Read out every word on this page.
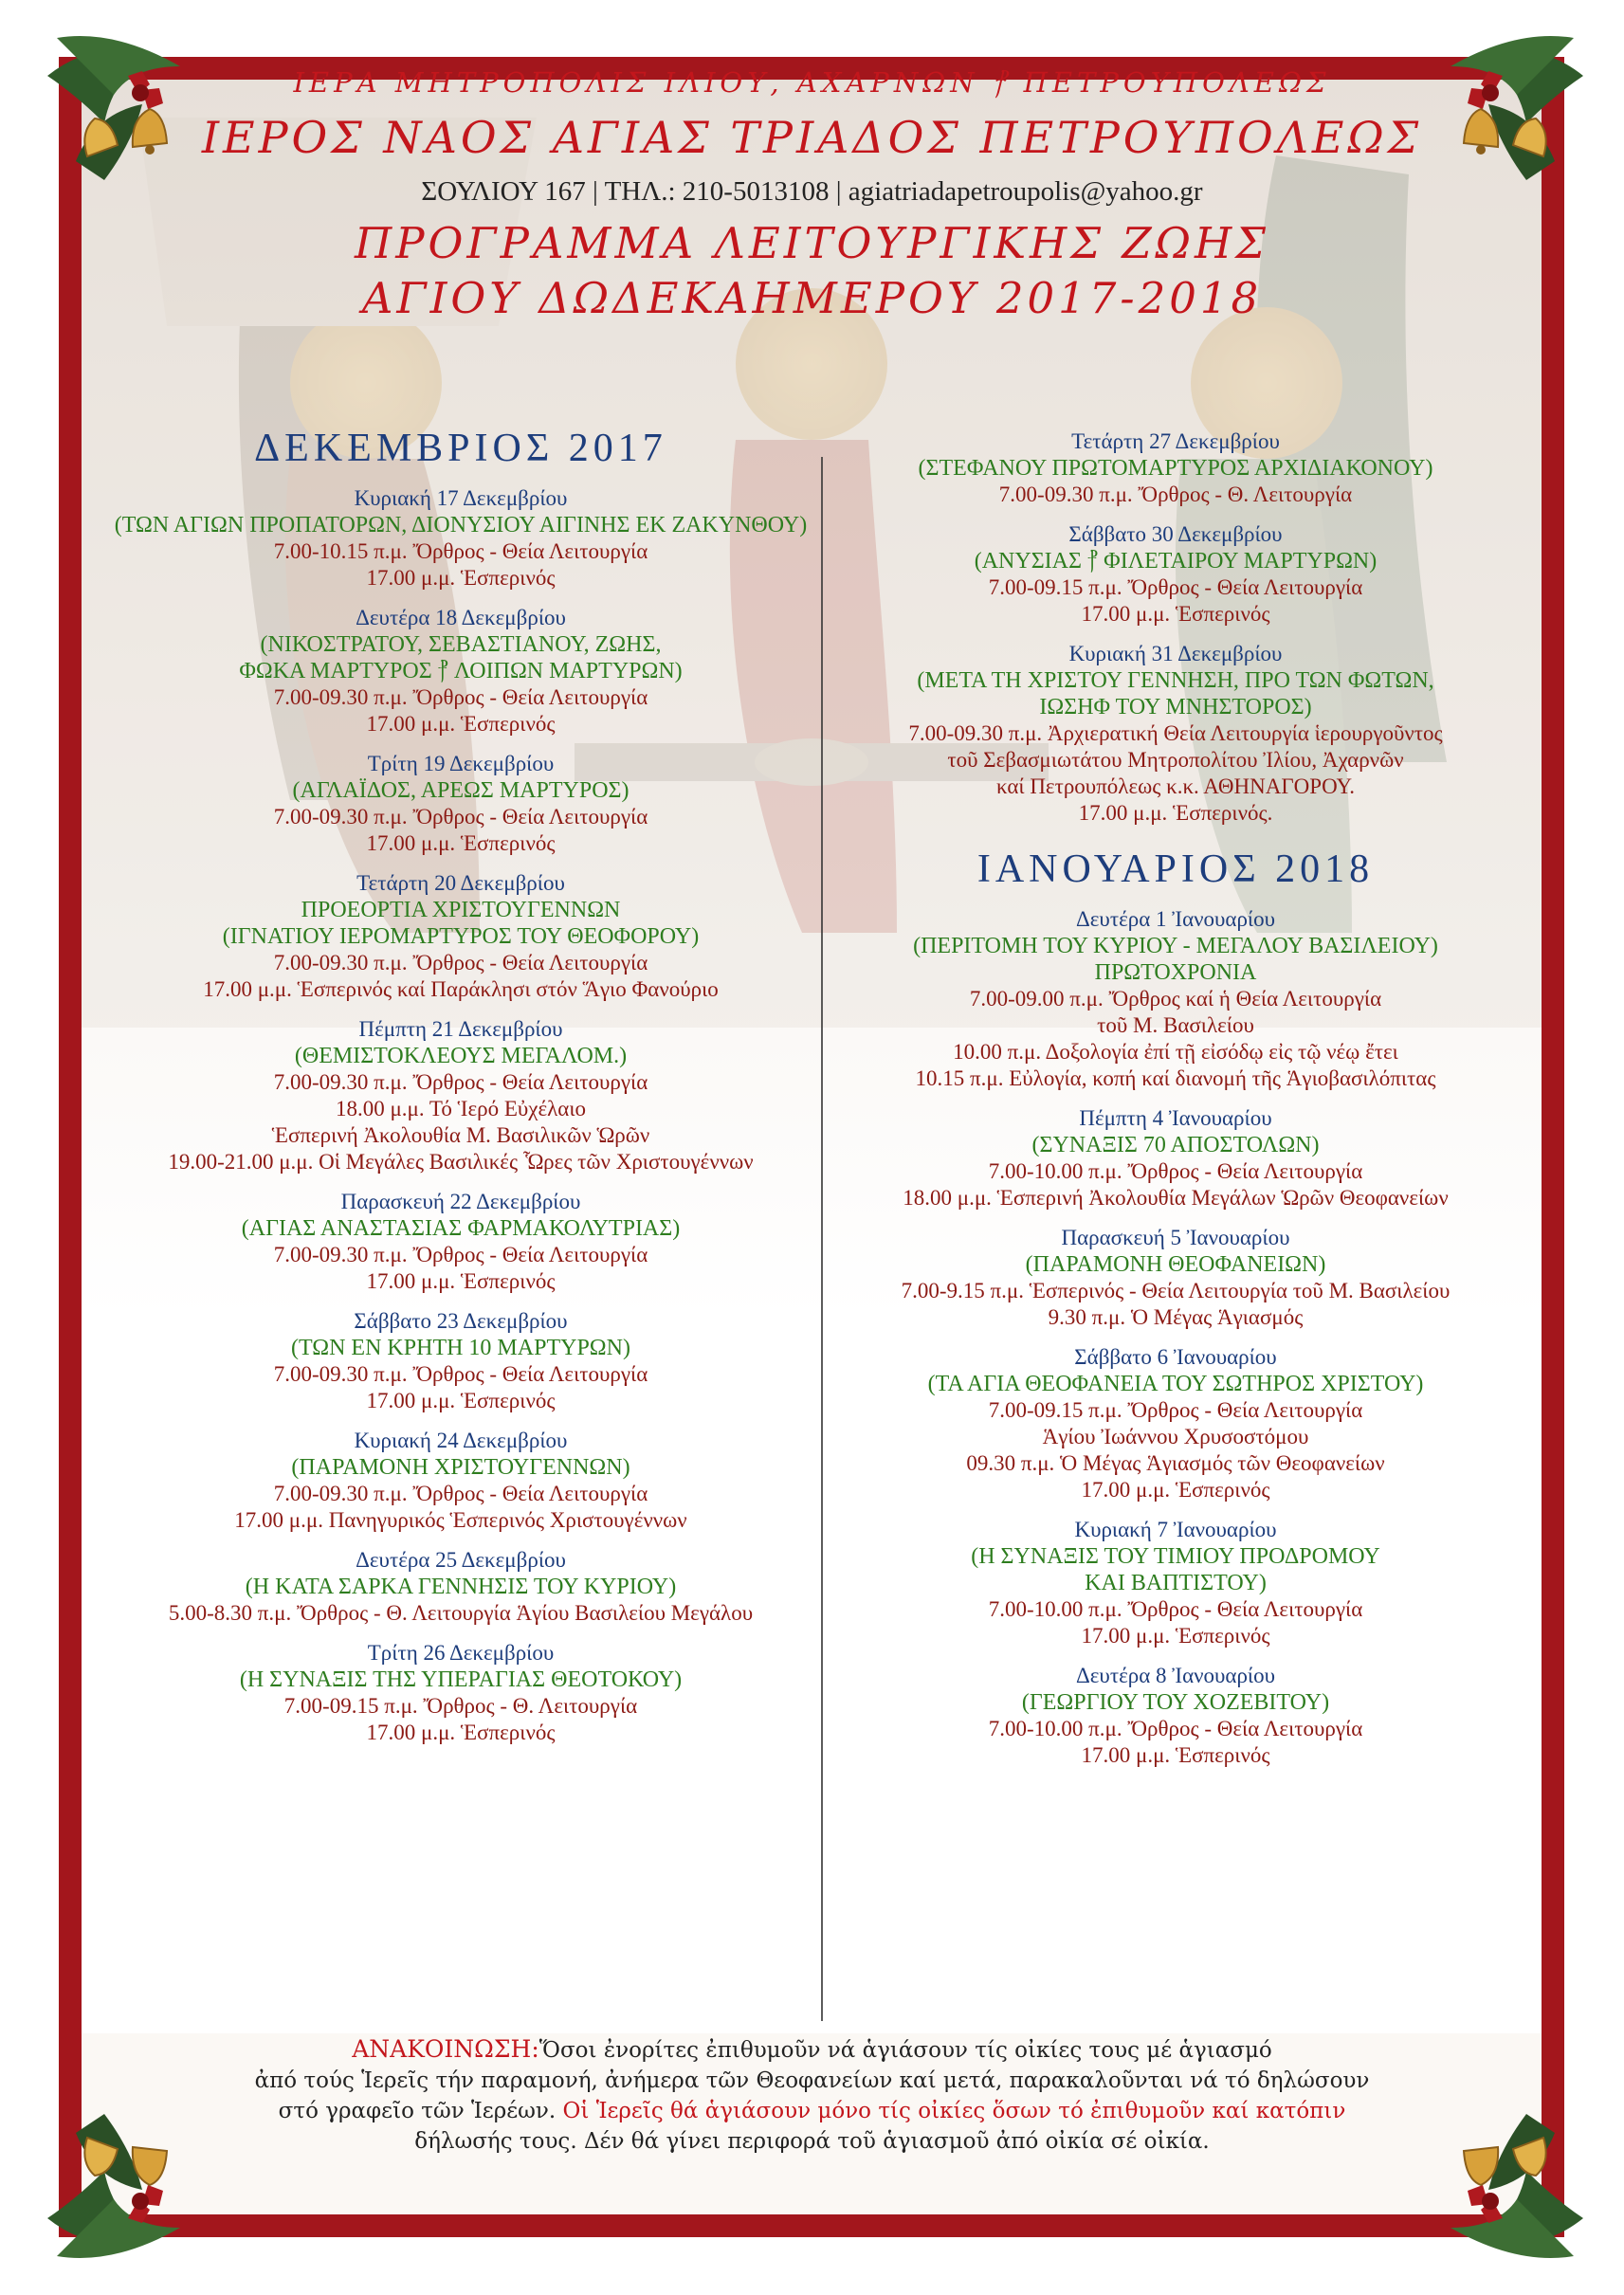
ΙΕΡΑ ΜΗΤΡΟΠΟΛΙΣ ΙΛΙΟΥ, ΑΧΑΡΝΩΝ ⳨ ΠΕΤΡΟΥΠΟΛΕΩΣ
ΙΕΡΟΣ ΝΑΟΣ ΑΓΙΑΣ ΤΡΙΑΔΟΣ ΠΕΤΡΟΥΠΟΛΕΩΣ
ΣΟΥΛΙΟΥ 167 | ΤΗΛ.: 210-5013108 | agiatriadapetroupolis@yahoo.gr
ΠΡΟΓΡΑΜΜΑ ΛΕΙΤΟΥΡΓΙΚΗΣ ΖΩΗΣ
ΑΓΙΟΥ ΔΩΔΕΚΑΗΜΕΡΟΥ 2017-2018
ΔΕΚΕΜΒΡΙΟΣ 2017
Κυριακή 17 Δεκεμβρίου
(ΤΩΝ ΑΓΙΩΝ ΠΡΟΠΑΤΟΡΩΝ, ΔΙΟΝΥΣΙΟΥ ΑΙΓΙΝΗΣ ΕΚ ΖΑΚΥΝΘΟΥ)
7.00-10.15 π.μ. Ὄρθρος - Θεία Λειτουργία
17.00 μ.μ. Ἑσπερινός
Δευτέρα 18 Δεκεμβρίου
(ΝΙΚΟΣΤΡΑΤΟΥ, ΣΕΒΑΣΤΙΑΝΟΥ, ΖΩΗΣ,
ΦΩΚΑ ΜΑΡΤΥΡΟΣ ⳨ ΛΟΙΠΩΝ ΜΑΡΤΥΡΩΝ)
7.00-09.30 π.μ. Ὄρθρος - Θεία Λειτουργία
17.00 μ.μ. Ἑσπερινός
Τρίτη 19 Δεκεμβρίου
(ΑΓΛΑΪΔΟΣ, ΑΡΕΩΣ ΜΑΡΤΥΡΟΣ)
7.00-09.30 π.μ. Ὄρθρος - Θεία Λειτουργία
17.00 μ.μ. Ἑσπερινός
Τετάρτη 20 Δεκεμβρίου
ΠΡΟΕΟΡΤΙΑ ΧΡΙΣΤΟΥΓΕΝΝΩΝ
(ΙΓΝΑΤΙΟΥ ΙΕΡΟΜΑΡΤΥΡΟΣ ΤΟΥ ΘΕΟΦΟΡΟΥ)
7.00-09.30 π.μ. Ὄρθρος - Θεία Λειτουργία
17.00 μ.μ. Ἑσπερινός καί Παράκλησι στόν Ἅγιο Φανούριο
Πέμπτη 21 Δεκεμβρίου
(ΘΕΜΙΣΤΟΚΛΕΟΥΣ ΜΕΓΑΛΟΜ.)
7.00-09.30 π.μ. Ὄρθρος - Θεία Λειτουργία
18.00 μ.μ. Τό Ἱερό Εὐχέλαιο
Ἑσπερινή Ἀκολουθία Μ. Βασιλικῶν Ὡρῶν
19.00-21.00 μ.μ. Οἱ Μεγάλες Βασιλικές Ὧρες τῶν Χριστουγέννων
Παρασκευή 22 Δεκεμβρίου
(ΑΓΙΑΣ ΑΝΑΣΤΑΣΙΑΣ ΦΑΡΜΑΚΟΛΥΤΡΙΑΣ)
7.00-09.30 π.μ. Ὄρθρος - Θεία Λειτουργία
17.00 μ.μ. Ἑσπερινός
Σάββατο 23 Δεκεμβρίου
(ΤΩΝ ΕΝ ΚΡΗΤΗ 10 ΜΑΡΤΥΡΩΝ)
7.00-09.30 π.μ. Ὄρθρος - Θεία Λειτουργία
17.00 μ.μ. Ἑσπερινός
Κυριακή 24 Δεκεμβρίου
(ΠΑΡΑΜΟΝΗ ΧΡΙΣΤΟΥΓΕΝΝΩΝ)
7.00-09.30 π.μ. Ὄρθρος - Θεία Λειτουργία
17.00 μ.μ. Πανηγυρικός Ἑσπερινός Χριστουγέννων
Δευτέρα 25 Δεκεμβρίου
(Η ΚΑΤΑ ΣΑΡΚΑ ΓΕΝΝΗΣΙΣ ΤΟΥ ΚΥΡΙΟΥ)
5.00-8.30 π.μ. Ὄρθρος - Θ. Λειτουργία Ἁγίου Βασιλείου Μεγάλου
Τρίτη 26 Δεκεμβρίου
(Η ΣΥΝΑΞΙΣ ΤΗΣ ΥΠΕΡΑΓΙΑΣ ΘΕΟΤΟΚΟΥ)
7.00-09.15 π.μ. Ὄρθρος - Θ. Λειτουργία
17.00 μ.μ. Ἑσπερινός
Τετάρτη 27 Δεκεμβρίου
(ΣΤΕΦΑΝΟΥ ΠΡΩΤΟΜΑΡΤΥΡΟΣ ΑΡΧΙΔΙΑΚΟΝΟΥ)
7.00-09.30 π.μ. Ὄρθρος - Θ. Λειτουργία
Σάββατο 30 Δεκεμβρίου
(ΑΝΥΣΙΑΣ ⳨ ΦΙΛΕΤΑΙΡΟΥ ΜΑΡΤΥΡΩΝ)
7.00-09.15 π.μ. Ὄρθρος - Θεία Λειτουργία
17.00 μ.μ. Ἑσπερινός
Κυριακή 31 Δεκεμβρίου
(ΜΕΤΑ ΤΗ ΧΡΙΣΤΟΥ ΓΕΝΝΗΣΗ, ΠΡΟ ΤΩΝ ΦΩΤΩΝ,
ΙΩΣΗΦ ΤΟΥ ΜΝΗΣΤΟΡΟΣ)
7.00-09.30 π.μ. Ἀρχιερατική Θεία Λειτουργία ἱερουργοῦντος
τοῦ Σεβασμιωτάτου Μητροπολίτου Ἰλίου, Ἀχαρνῶν
καί Πετρουπόλεως κ.κ. ΑΘΗΝΑΓΟΡΟΥ.
17.00 μ.μ. Ἑσπερινός.
ΙΑΝΟΥΑΡΙΟΣ 2018
Δευτέρα 1 Ἰανουαρίου
(ΠΕΡΙΤΟΜΗ ΤΟΥ ΚΥΡΙΟΥ - ΜΕΓΑΛΟΥ ΒΑΣΙΛΕΙΟΥ)
ΠΡΩΤΟΧΡΟΝΙΑ
7.00-09.00 π.μ. Ὄρθρος καί ἡ Θεία Λειτουργία
τοῦ Μ. Βασιλείου
10.00 π.μ. Δοξολογία ἐπί τῇ εἰσόδῳ εἰς τῷ νέῳ ἔτει
10.15 π.μ. Εὐλογία, κοπή καί διανομή τῆς Ἁγιοβασιλόπιτας
Πέμπτη 4 Ἰανουαρίου
(ΣΥΝΑΞΙΣ 70 ΑΠΟΣΤΟΛΩΝ)
7.00-10.00 π.μ. Ὄρθρος - Θεία Λειτουργία
18.00 μ.μ. Ἑσπερινή Ἀκολουθία Μεγάλων Ὡρῶν Θεοφανείων
Παρασκευή 5 Ἰανουαρίου
(ΠΑΡΑΜΟΝΗ ΘΕΟΦΑΝΕΙΩΝ)
7.00-9.15 π.μ. Ἑσπερινός - Θεία Λειτουργία τοῦ Μ. Βασιλείου
9.30 π.μ. Ὁ Μέγας Ἁγιασμός
Σάββατο 6 Ἰανουαρίου
(ΤΑ ΑΓΙΑ ΘΕΟΦΑΝΕΙΑ ΤΟΥ ΣΩΤΗΡΟΣ ΧΡΙΣΤΟΥ)
7.00-09.15 π.μ. Ὄρθρος - Θεία Λειτουργία
Ἁγίου Ἰωάννου Χρυσοστόμου
09.30 π.μ. Ὁ Μέγας Ἁγιασμός τῶν Θεοφανείων
17.00 μ.μ. Ἑσπερινός
Κυριακή 7 Ἰανουαρίου
(Η ΣΥΝΑΞΙΣ ΤΟΥ ΤΙΜΙΟΥ ΠΡΟΔΡΟΜΟΥ
ΚΑΙ ΒΑΠΤΙΣΤΟΥ)
7.00-10.00 π.μ. Ὄρθρος - Θεία Λειτουργία
17.00 μ.μ. Ἑσπερινός
Δευτέρα 8 Ἰανουαρίου
(ΓΕΩΡΓΙΟΥ ΤΟΥ ΧΟΖΕΒΙΤΟΥ)
7.00-10.00 π.μ. Ὄρθρος - Θεία Λειτουργία
17.00 μ.μ. Ἑσπερινός
ΑΝΑΚΟΙΝΩΣΗ:Ὅσοι ἐνορίτες ἐπιθυμοῦν νά ἁγιάσουν τίς οἰκίες τους μέ ἁγιασμό
ἀπό τούς Ἱερεῖς τήν παραμονή, ἀνήμερα τῶν Θεοφανείων καί μετά, παρακαλοῦνται νά τό δηλώσουν
στό γραφεῖο τῶν Ἱερέων. Οἱ Ἱερεῖς θά ἁγιάσουν μόνο τίς οἰκίες ὅσων τό ἐπιθυμοῦν καί κατόπιν
δήλωσής τους. Δέν θά γίνει περιφορά τοῦ ἁγιασμοῦ ἀπό οἰκία σέ οἰκία.
